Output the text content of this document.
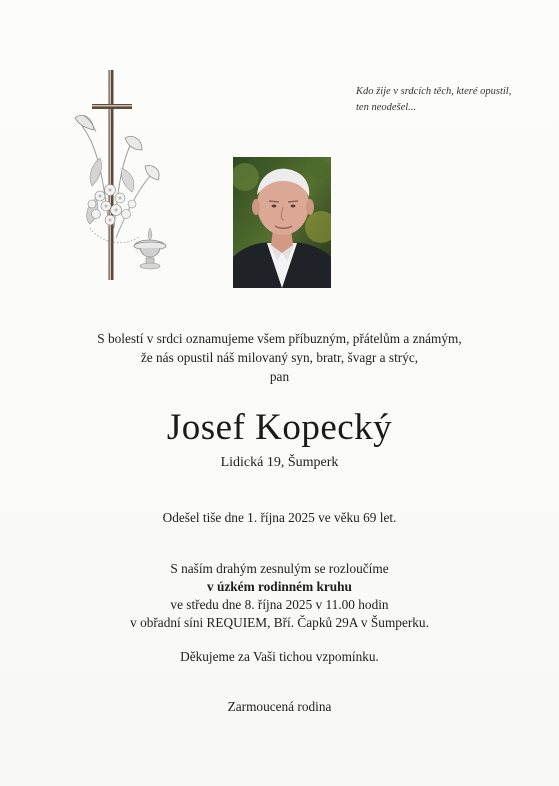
Kdo žije v srdcích těch, které opustil,
ten neodešel...
S bolestí v srdci oznamujeme všem příbuzným, přátelům a známým,
že nás opustil náš milovaný syn, bratr, švagr a strýc,
pan
Josef Kopecký
Lidická 19, Šumperk
Odešel tiše dne 1. října 2025 ve věku 69 let.
S naším drahým zesnulým se rozloučíme
v úzkém rodinném kruhu
ve středu dne 8. října 2025 v 11.00 hodin
v obřadní síni REQUIEM, Bří. Čapků 29A v Šumperku.
Děkujeme za Vaši tichou vzpomínku.
Zarmoucená rodina
